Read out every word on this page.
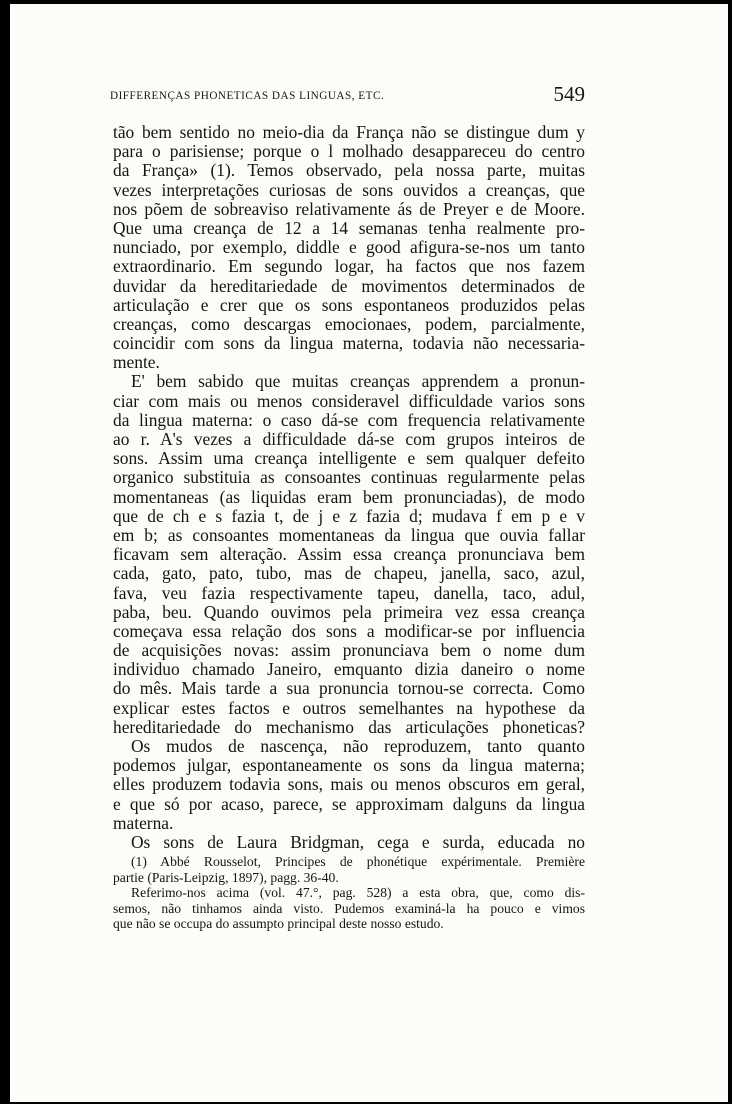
DIFFERENÇAS PHONETICAS DAS LINGUAS, ETC.	549
tão bem sentido no meio-dia da França não se distingue dum y
para o parisiense; porque o l molhado desappareceu do centro
da França» (1). Temos observado, pela nossa parte, muitas
vezes interpretações curiosas de sons ouvidos a creanças, que
nos põem de sobreaviso relativamente ás de Preyer e de Moore.
Que uma creança de 12 a 14 semanas tenha realmente pro-
nunciado, por exemplo, diddle e good afigura-se-nos um tanto
extraordinario. Em segundo logar, ha factos que nos fazem
duvidar da hereditariedade de movimentos determinados de
articulação e crer que os sons espontaneos produzidos pelas
creanças, como descargas emocionaes, podem, parcialmente,
coincidir com sons da lingua materna, todavia não necessaria-
mente.
E' bem sabido que muitas creanças apprendem a pronun-
ciar com mais ou menos consideravel difficuldade varios sons
da lingua materna: o caso dá-se com frequencia relativamente
ao r. A's vezes a difficuldade dá-se com grupos inteiros de
sons. Assim uma creança intelligente e sem qualquer defeito
organico substituia as consoantes continuas regularmente pelas
momentaneas (as liquidas eram bem pronunciadas), de modo
que de ch e s fazia t, de j e z fazia d; mudava f em p e v
em b; as consoantes momentaneas da lingua que ouvia fallar
ficavam sem alteração. Assim essa creança pronunciava bem
cada, gato, pato, tubo, mas de chapeu, janella, saco, azul,
fava, veu fazia respectivamente tapeu, danella, taco, adul,
paba, beu. Quando ouvimos pela primeira vez essa creança
começava essa relação dos sons a modificar-se por influencia
de acquisições novas: assim pronunciava bem o nome dum
individuo chamado Janeiro, emquanto dizia daneiro o nome
do mês. Mais tarde a sua pronuncia tornou-se correcta. Como
explicar estes factos e outros semelhantes na hypothese da
hereditariedade do mechanismo das articulações phoneticas?
Os mudos de nascença, não reproduzem, tanto quanto
podemos julgar, espontaneamente os sons da lingua materna;
elles produzem todavia sons, mais ou menos obscuros em geral,
e que só por acaso, parece, se approximam dalguns da lingua
materna.
Os sons de Laura Bridgman, cega e surda, educada no
(1) Abbé Rousselot, Principes de phonétique expérimentale. Première
partie (Paris-Leipzig, 1897), pagg. 36-40.
Referimo-nos acima (vol. 47.°, pag. 528) a esta obra, que, como dis-
semos, não tinhamos ainda visto. Pudemos examiná-la ha pouco e vimos
que não se occupa do assumpto principal deste nosso estudo.
